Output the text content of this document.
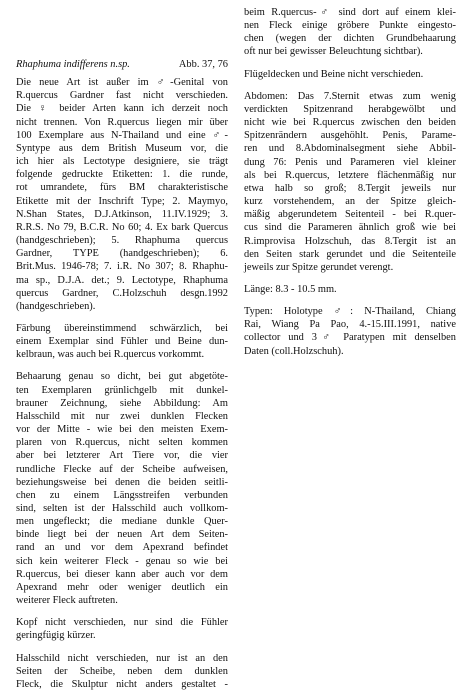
Rhaphuma indifferens n.sp.	Abb. 37, 76

Die neue Art ist außer im ♂-Genital von
R.quercus Gardner fast nicht verschieden.
Die ♀ beider Arten kann ich derzeit noch
nicht trennen. Von R.quercus liegen mir über
100 Exemplare aus N-Thailand und eine ♂-
Syntype aus dem British Museum vor, die
ich hier als Lectotype designiere, sie trägt
folgende gedruckte Etiketten: 1. die runde,
rot umrandete, fürs BM charakteristische
Etikette mit der Inschrift Type; 2. Maymyo,
N.Shan States, D.J.Atkinson, 11.IV.1929; 3.
R.R.S. No 79, B.C.R. No 60; 4. Ex bark Quercus
(handgeschrieben); 5. Rhaphuma quercus
Gardner, TYPE (handgeschrieben); 6.
Brit.Mus. 1946-78; 7. i.R. No 307; 8. Rhaphu-
ma sp., D.J.A. det.; 9. Lectotype, Rhaphuma
quercus Gardner, C.Holzschuh desgn.1992
(handgeschrieben).

Färbung übereinstimmend schwärzlich, bei
einem Exemplar sind Fühler und Beine dun-
kelbraun, was auch bei R.quercus vorkommt.

Behaarung genau so dicht, bei gut abgetöte-
ten Exemplaren grünlichgelb mit dunkel-
brauner Zeichnung, siehe Abbildung: Am
Halsschild mit nur zwei dunklen Flecken
vor der Mitte - wie bei den meisten Exem-
plaren von R.quercus, nicht selten kommen
aber bei letzterer Art Tiere vor, die vier
rundliche Flecke auf der Scheibe aufweisen,
beziehungsweise bei denen die beiden seitli-
chen zu einem Längsstreifen verbunden
sind, selten ist der Halsschild auch vollkom-
men ungefleckt; die mediane dunkle Quer-
binde liegt bei der neuen Art dem Seiten-
rand an und vor dem Apexrand befindet
sich kein weiterer Fleck - genau so wie bei
R.quercus, bei dieser kann aber auch vor dem
Apexrand mehr oder weniger deutlich ein
weiterer Fleck auftreten.

Kopf nicht verschieden, nur sind die Fühler
geringfügig kürzer.

Halsschild nicht verschieden, nur ist an den
Seiten der Scheibe, neben dem dunklen
Fleck, die Skulptur nicht anders gestaltet -

beim R.quercus-♂ sind dort auf einem klei-
nen Fleck einige gröbere Punkte eingesto-
chen (wegen der dichten Grundbehaarung
oft nur bei gewisser Beleuchtung sichtbar).

Flügeldecken und Beine nicht verschieden.

Abdomen: Das 7.Sternit etwas zum wenig
verdickten Spitzenrand herabgewölbt und
nicht wie bei R.quercus zwischen den beiden
Spitzenrändern ausgehöhlt. Penis, Parame-
ren und 8.Abdominalsegment siehe Abbil-
dung 76: Penis und Parameren viel kleiner
als bei R.quercus, letztere flächenmäßig nur
etwa halb so groß; 8.Tergit jeweils nur
kurz vorstehendem, an der Spitze gleich-
mäßig abgerundetem Seitenteil - bei R.quer-
cus sind die Parameren ähnlich groß wie bei
R.improvisa Holzschuh, das 8.Tergit ist an
den Seiten stark gerundet und die Seitenteile
jeweils zur Spitze gerundet verengt.

Länge: 8.3 - 10.5 mm.

Typen: Holotype ♂: N-Thailand, Chiang
Rai, Wiang Pa Pao, 4.-15.III.1991, native
collector und 3♂ Paratypen mit denselben
Daten (coll.Holzschuh).
